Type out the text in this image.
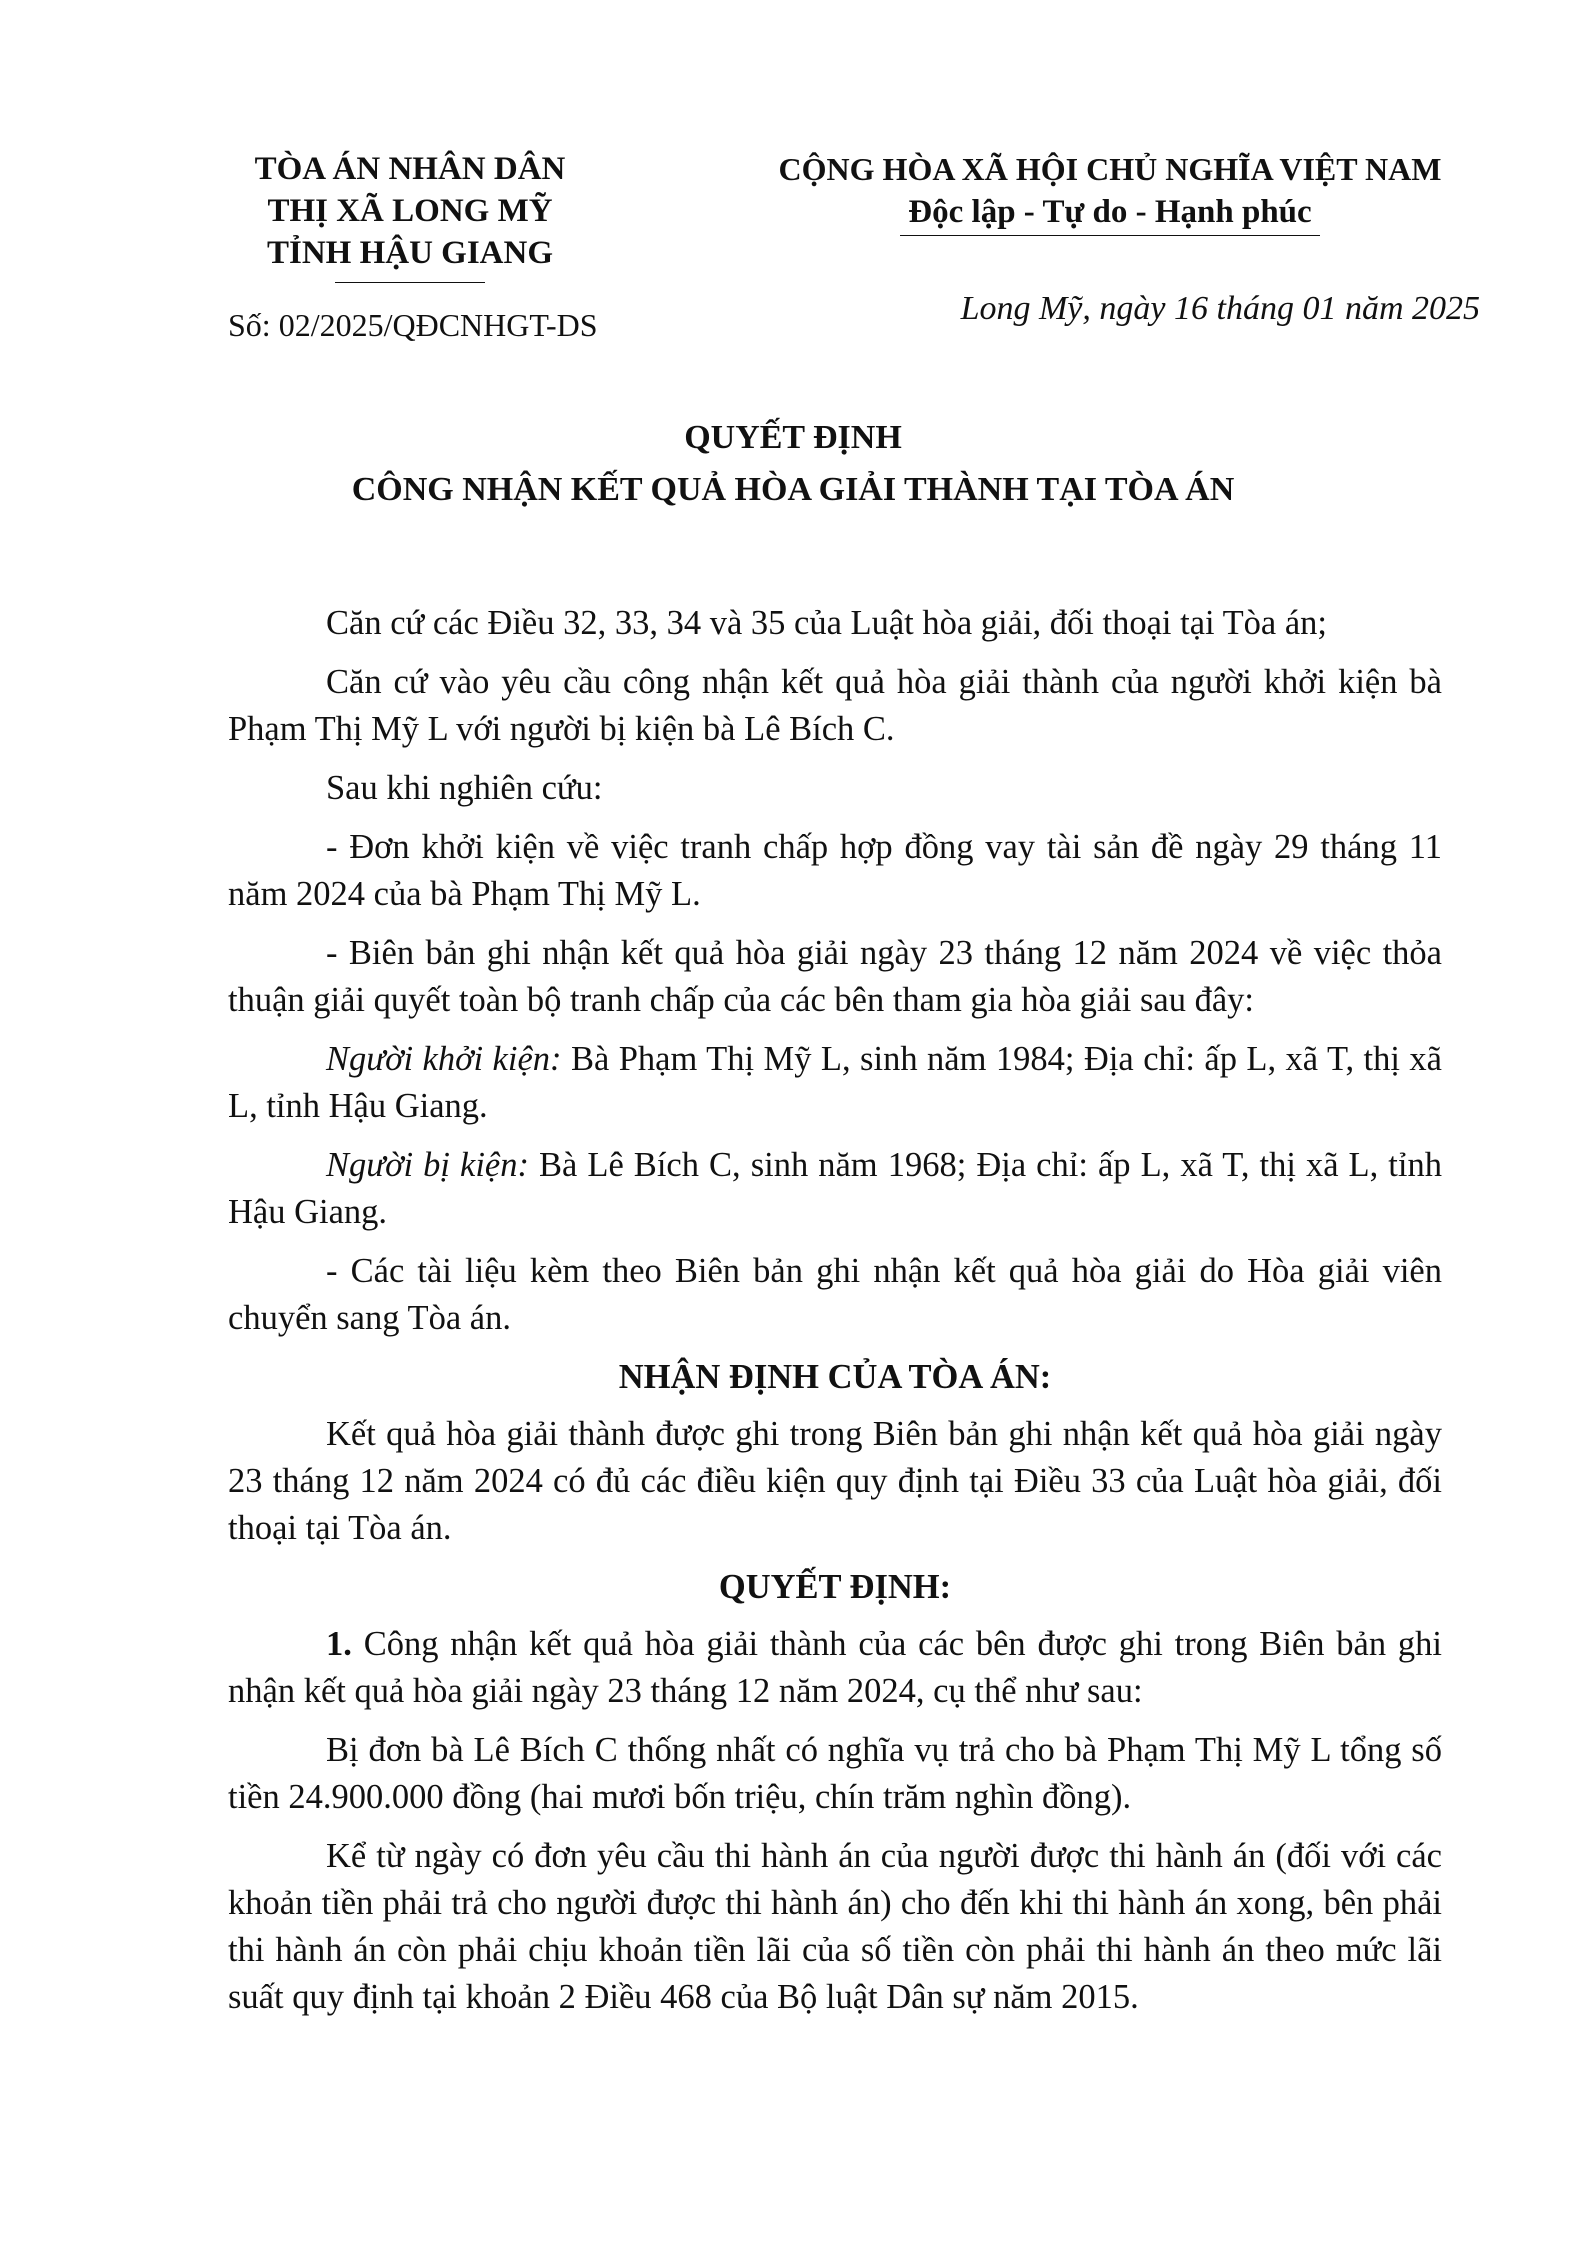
TÒA ÁN NHÂN DÂN
THỊ XÃ LONG MỸ
TỈNH HẬU GIANG
CỘNG HÒA XÃ HỘI CHỦ NGHĨA VIỆT NAM
Độc lập - Tự do - Hạnh phúc
Số: 02/2025/QĐCNHGT-DS	Long Mỹ, ngày 16 tháng 01 năm 2025
QUYẾT ĐỊNH
CÔNG NHẬN KẾT QUẢ HÒA GIẢI THÀNH TẠI TÒA ÁN

Căn cứ các Điều 32, 33, 34 và 35 của Luật hòa giải, đối thoại tại Tòa án;

Căn cứ vào yêu cầu công nhận kết quả hòa giải thành của người khởi kiện bà Phạm Thị Mỹ L với người bị kiện bà Lê Bích C.

Sau khi nghiên cứu:

- Đơn khởi kiện về việc tranh chấp hợp đồng vay tài sản đề ngày 29 tháng 11 năm 2024 của bà Phạm Thị Mỹ L.

- Biên bản ghi nhận kết quả hòa giải ngày 23 tháng 12 năm 2024 về việc thỏa thuận giải quyết toàn bộ tranh chấp của các bên tham gia hòa giải sau đây:

Người khởi kiện: Bà Phạm Thị Mỹ L, sinh năm 1984; Địa chỉ: ấp L, xã T, thị xã L, tỉnh Hậu Giang.

Người bị kiện: Bà Lê Bích C, sinh năm 1968; Địa chỉ: ấp L, xã T, thị xã L, tỉnh Hậu Giang.

- Các tài liệu kèm theo Biên bản ghi nhận kết quả hòa giải do Hòa giải viên chuyển sang Tòa án.

NHẬN ĐỊNH CỦA TÒA ÁN:

Kết quả hòa giải thành được ghi trong Biên bản ghi nhận kết quả hòa giải ngày 23 tháng 12 năm 2024 có đủ các điều kiện quy định tại Điều 33 của Luật hòa giải, đối thoại tại Tòa án.

QUYẾT ĐỊNH:

1. Công nhận kết quả hòa giải thành của các bên được ghi trong Biên bản ghi nhận kết quả hòa giải ngày 23 tháng 12 năm 2024, cụ thể như sau:

Bị đơn bà Lê Bích C thống nhất có nghĩa vụ trả cho bà Phạm Thị Mỹ L tổng số tiền 24.900.000 đồng (hai mươi bốn triệu, chín trăm nghìn đồng).

Kể từ ngày có đơn yêu cầu thi hành án của người được thi hành án (đối với các khoản tiền phải trả cho người được thi hành án) cho đến khi thi hành án xong, bên phải thi hành án còn phải chịu khoản tiền lãi của số tiền còn phải thi hành án theo mức lãi suất quy định tại khoản 2 Điều 468 của Bộ luật Dân sự năm 2015.
